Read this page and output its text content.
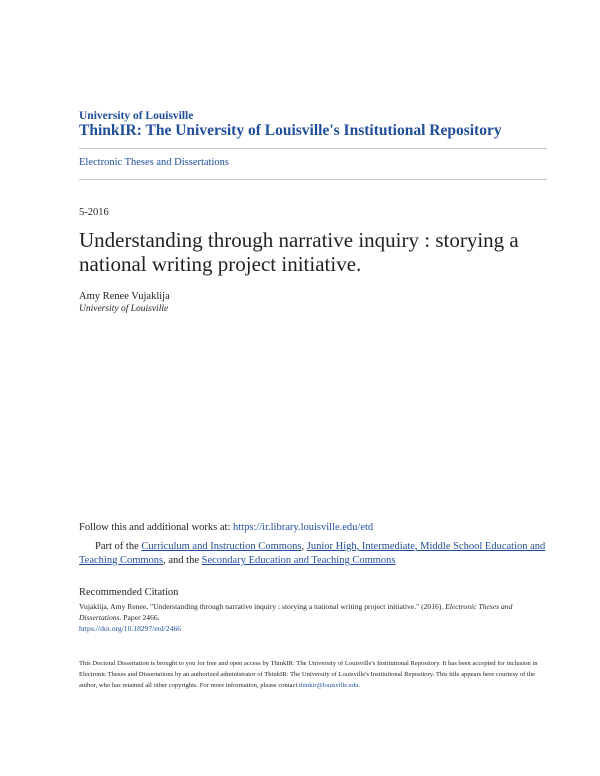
University of Louisville
ThinkIR: The University of Louisville's Institutional Repository
Electronic Theses and Dissertations
5-2016
Understanding through narrative inquiry : storying a national writing project initiative.
Amy Renee Vujaklija
University of Louisville
Follow this and additional works at: https://ir.library.louisville.edu/etd
Part of the Curriculum and Instruction Commons, Junior High, Intermediate, Middle School Education and Teaching Commons, and the Secondary Education and Teaching Commons
Recommended Citation
Vujaklija, Amy Renee, "Understanding through narrative inquiry : storying a national writing project initiative." (2016). Electronic Theses and Dissertations. Paper 2466.
https://doi.org/10.18297/etd/2466
This Doctoral Dissertation is brought to you for free and open access by ThinkIR: The University of Louisville's Institutional Repository. It has been accepted for inclusion in Electronic Theses and Dissertations by an authorized administrator of ThinkIR: The University of Louisville's Institutional Repository. This title appears here courtesy of the author, who has retained all other copyrights. For more information, please contact thinkir@louisville.edu.
